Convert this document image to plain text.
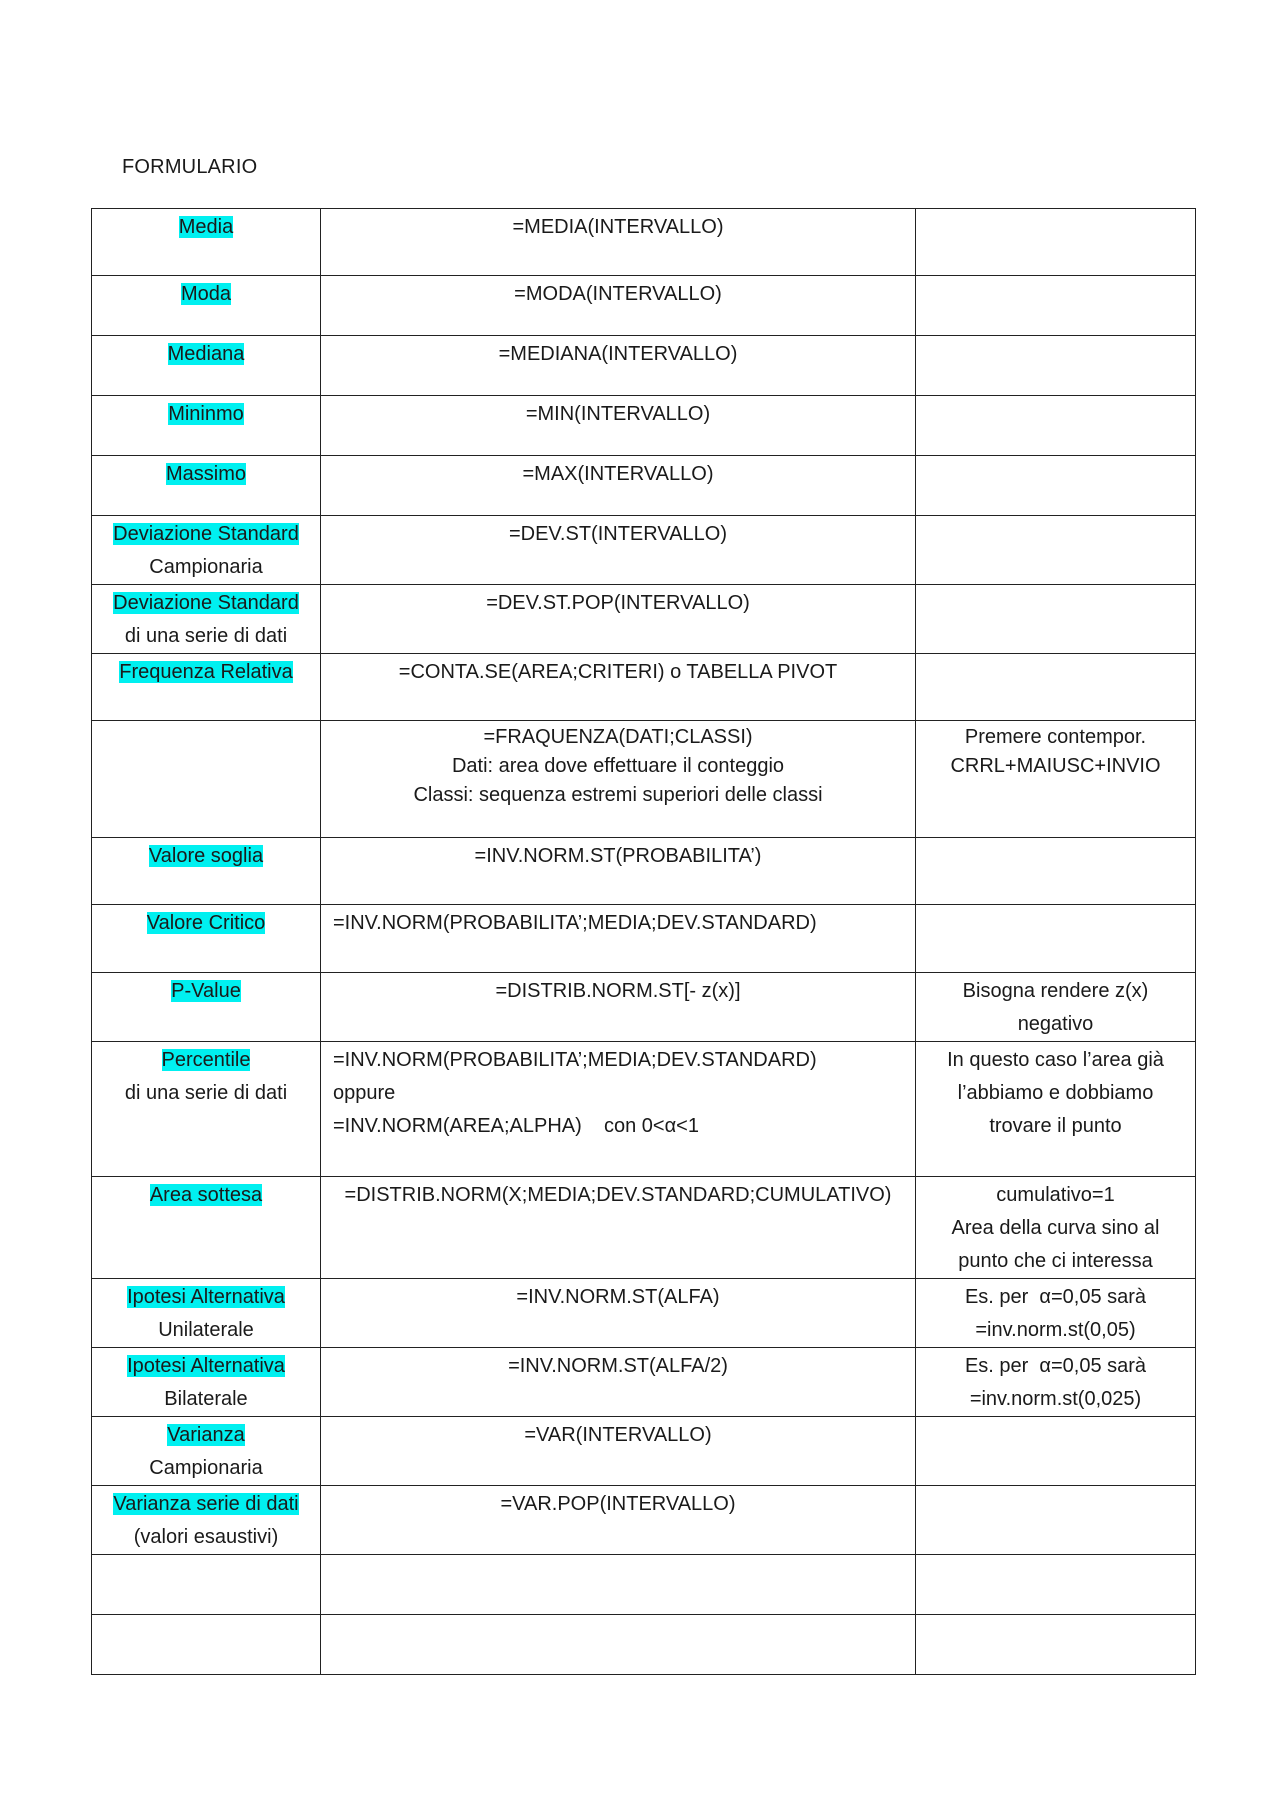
FORMULARIO
Media	=MEDIA(INTERVALLO)	

Moda	=MODA(INTERVALLO)	

Mediana	=MEDIANA(INTERVALLO)	

Mininmo	=MIN(INTERVALLO)	

Massimo	=MAX(INTERVALLO)	

Deviazione Standard
Campionaria	=DEV.ST(INTERVALLO)	

Deviazione Standard
di una serie di dati	=DEV.ST.POP(INTERVALLO)	

Frequenza Relativa	=CONTA.SE(AREA;CRITERI) o TABELLA PIVOT	

	=FRAQUENZA(DATI;CLASSI)
Dati: area dove effettuare il conteggio
Classi: sequenza estremi superiori delle classi	Premere contempor.
CRRL+MAIUSC+INVIO

Valore soglia	=INV.NORM.ST(PROBABILITA’)	

Valore Critico	=INV.NORM(PROBABILITA’;MEDIA;DEV.STANDARD)	

P-Value	=DISTRIB.NORM.ST[- z(x)]	Bisogna rendere z(x)
negativo

Percentile
di una serie di dati	=INV.NORM(PROBABILITA’;MEDIA;DEV.STANDARD)
oppure
=INV.NORM(AREA;ALPHA)    con 0<α<1	In questo caso l’area già
l’abbiamo e dobbiamo
trovare il punto

Area sottesa	=DISTRIB.NORM(X;MEDIA;DEV.STANDARD;CUMULATIVO)	cumulativo=1
Area della curva sino al
punto che ci interessa

Ipotesi Alternativa
Unilaterale	=INV.NORM.ST(ALFA)	Es. per  α=0,05 sarà
=inv.norm.st(0,05)

Ipotesi Alternativa
Bilaterale	=INV.NORM.ST(ALFA/2)	Es. per  α=0,05 sarà
=inv.norm.st(0,025)

Varianza
Campionaria	=VAR(INTERVALLO)	

Varianza serie di dati
(valori esaustivi)	=VAR.POP(INTERVALLO)	
